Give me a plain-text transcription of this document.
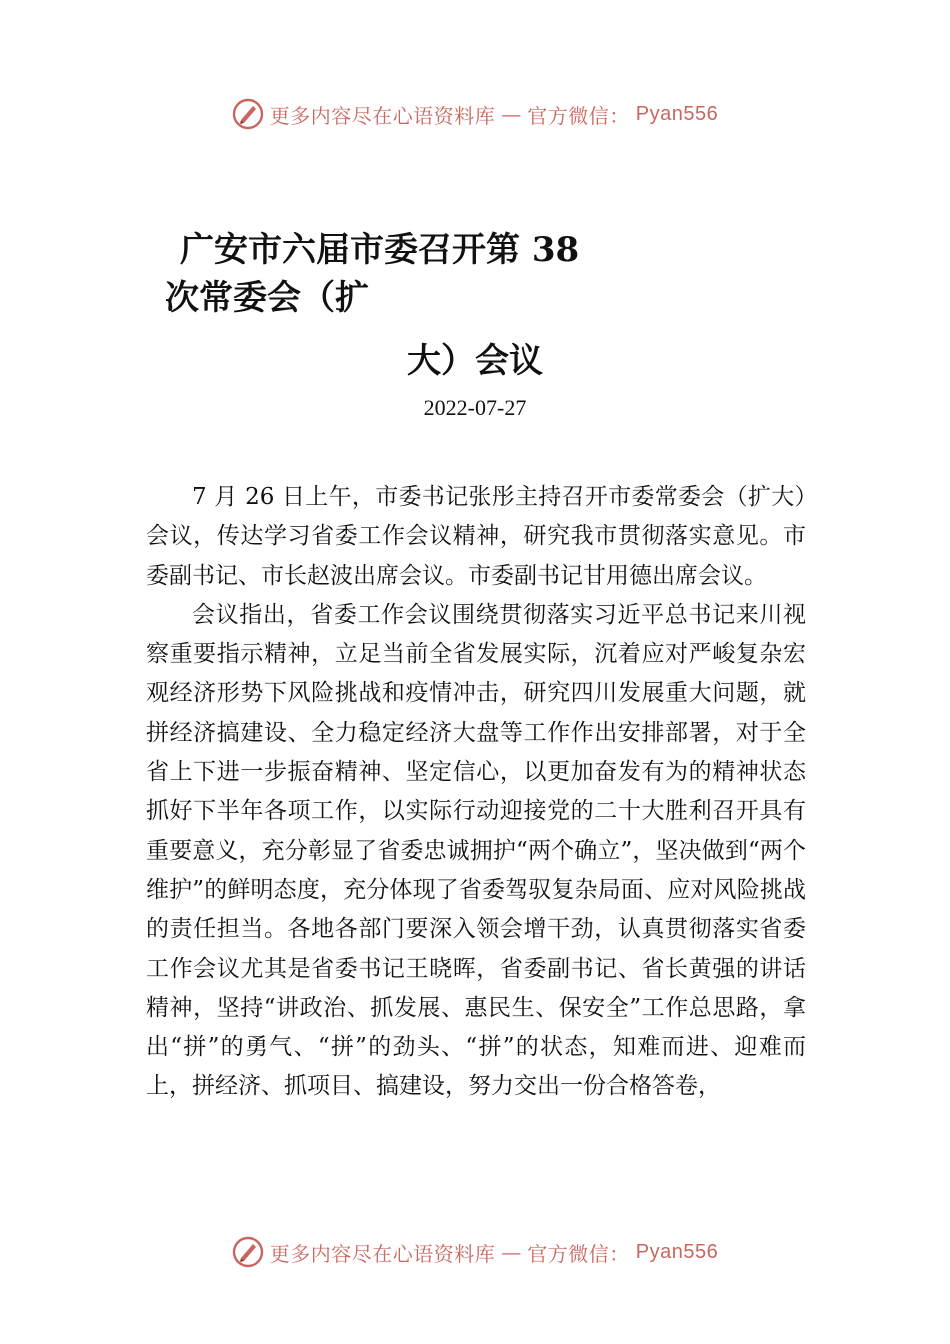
更多内容尽在心语资料库 — 官方微信： Pyan556
广安市六届市委召开第 38
次常委会（扩
大）会议
2022-07-27

7 月 26 日上午，市委书记张彤主持召开市委常委会（扩大）会议，传达学习省委工作会议精神，研究我市贯彻落实意见。市委副书记、市长赵波出席会议。市委副书记甘用德出席会议。

会议指出，省委工作会议围绕贯彻落实习近平总书记来川视察重要指示精神，立足当前全省发展实际，沉着应对严峻复杂宏观经济形势下风险挑战和疫情冲击，研究四川发展重大问题，就拼经济搞建设、全力稳定经济大盘等工作作出安排部署，对于全省上下进一步振奋精神、坚定信心，以更加奋发有为的精神状态抓好下半年各项工作，以实际行动迎接党的二十大胜利召开具有重要意义，充分彰显了省委忠诚拥护“两个确立”，坚决做到“两个维护”的鲜明态度，充分体现了省委驾驭复杂局面、应对风险挑战的责任担当。各地各部门要深入领会增干劲，认真贯彻落实省委工作会议尤其是省委书记王晓晖，省委副书记、省长黄强的讲话精神，坚持“讲政治、抓发展、惠民生、保安全”工作总思路，拿出“拼”的勇气、“拼”的劲头、“拼”的状态，知难而进、迎难而上，拼经济、抓项目、搞建设，努力交出一份合格答卷，

更多内容尽在心语资料库 — 官方微信： Pyan556
